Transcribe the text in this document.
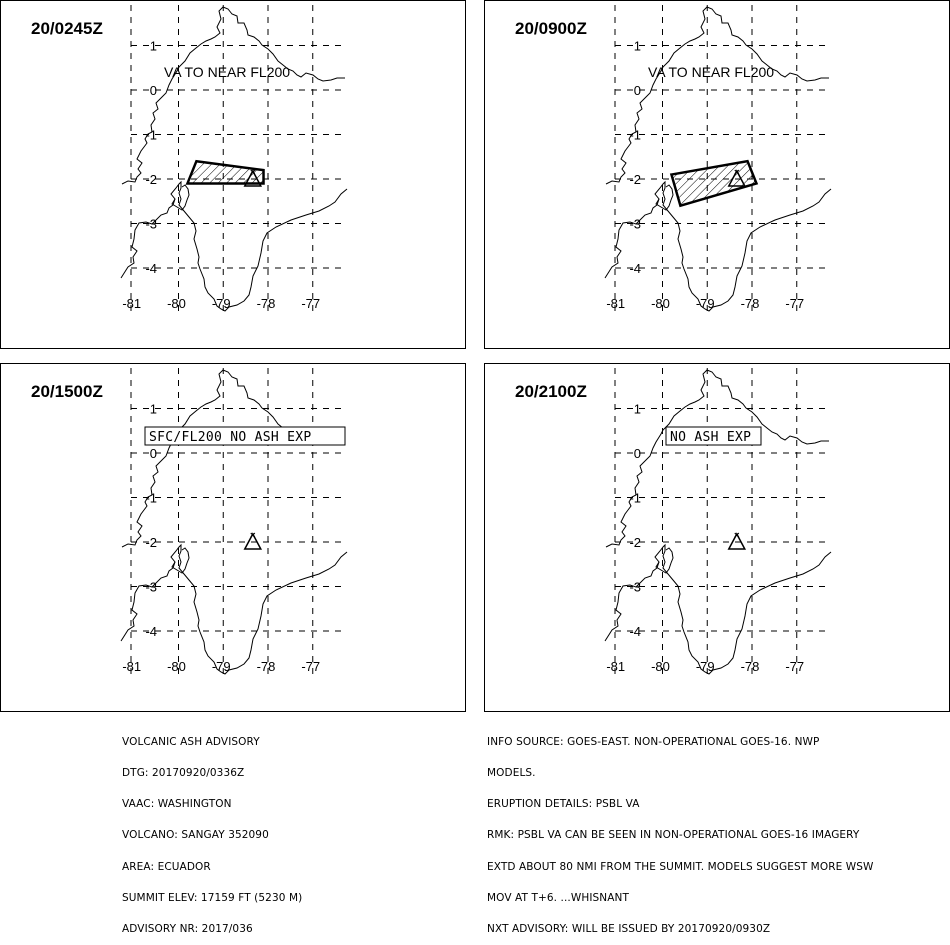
-81 -80 -79 -78 -77
1
0
-1
-2
-3
-4
VA TO NEAR FL200
20/0245Z
-81 -80 -79 -78 -77
1
0
-1
-2
-3
-4
VA TO NEAR FL200
20/0900Z
-81 -80 -79 -78 -77
1
0
-1
-2
-3
-4
SFC/FL200 NO ASH EXP
20/1500Z
-81 -80 -79 -78 -77
1
0
-1
-2
-3
-4
NO ASH EXP
20/2100Z

VOLCANIC ASH ADVISORY

DTG: 20170920/0336Z

VAAC: WASHINGTON

VOLCANO: SANGAY 352090

AREA: ECUADOR

SUMMIT ELEV: 17159 FT (5230 M)

ADVISORY NR: 2017/036

INFO SOURCE: GOES-EAST. NON-OPERATIONAL GOES-16. NWP

MODELS.

ERUPTION DETAILS: PSBL VA

RMK: PSBL VA CAN BE SEEN IN NON-OPERATIONAL GOES-16 IMAGERY

EXTD ABOUT 80 NMI FROM THE SUMMIT. MODELS SUGGEST MORE WSW

MOV AT T+6. ...WHISNANT

NXT ADVISORY: WILL BE ISSUED BY 20170920/0930Z
